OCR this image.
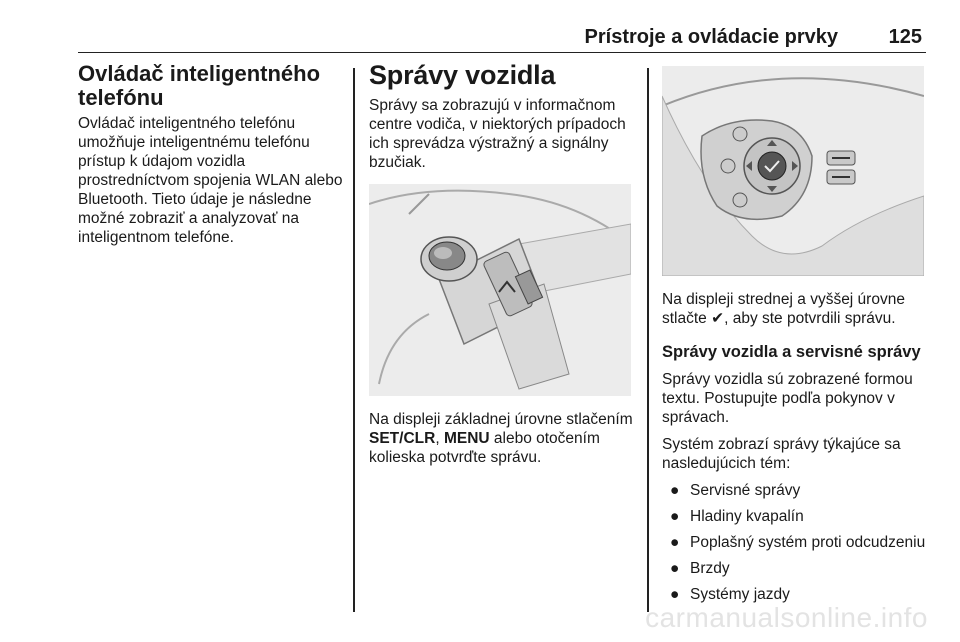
Prístroje a ovládacie prvky	125
Ovládač inteligentného telefónu
Ovládač inteligentného telefónu umožňuje inteligentnému telefónu prístup k údajom vozidla prostredníctvom spojenia WLAN alebo Bluetooth. Tieto údaje je následne možné zobraziť a analyzovať na inteligentnom telefóne.
Správy vozidla
Správy sa zobrazujú v informačnom centre vodiča, v niektorých prípadoch ich sprevádza výstražný a signálny bzučiak.
Na displeji základnej úrovne stlačením SET/CLR, MENU alebo otočením kolieska potvrďte správu.
Na displeji strednej a vyššej úrovne stlačte ✔, aby ste potvrdili správu.
Správy vozidla a servisné správy
Správy vozidla sú zobrazené formou textu. Postupujte podľa pokynov v správach.
Systém zobrazí správy týkajúce sa nasledujúcich tém:
● Servisné správy
● Hladiny kvapalín
● Poplašný systém proti odcudzeniu
● Brzdy
● Systémy jazdy
carmanualsonline.info
